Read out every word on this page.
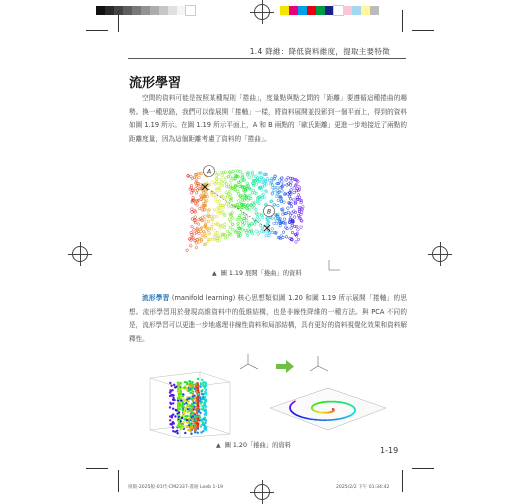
1.4 降維：降低資料維度，提取主要特徵
流形學習
空間的資料可能是按照某種規則「捲曲」，度量點與點之間的「距離」要遵循這種捲曲的趨勢。換一種思路，我們可以像展開「捲軸」一樣，將資料展開並投影到一個平面上，得到的資料如圖 1.19 所示。在圖 1.19 所示平面上，A 和 B 兩點的「歐氏距離」更進一步地接近了兩點的距離度量，因為這個距離考慮了資料的「捲曲」。
A
B
▲ 圖 1.19 展開「捲曲」的資料
流形學習 (manifold learning) 核心思想類似圖 1.20 和圖 1.19 所示展開「捲軸」的思想。流形學習用於發現高維資料中的低維結構，也是非線性降維的一種方法。與 PCA 不同的是，流形學習可以更進一步地處理非線性資料和局部結構，具有更好的資料視覺化效果和資料解釋性。
▲ 圖 1.20「捲曲」的資料
1-19
排版-2025版-01代-CM2337-書冊 Loeb 1-19	2025/2/2 下午 01:34:42
